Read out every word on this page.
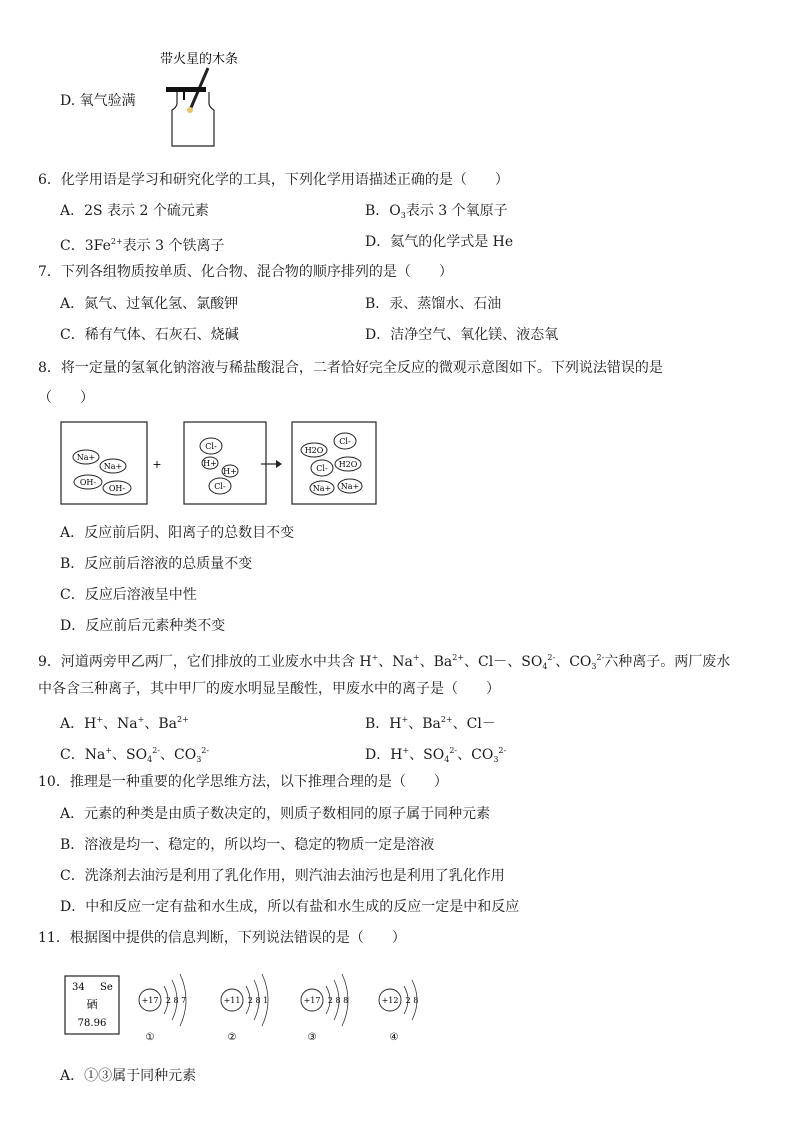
D. 氧气验满
带火星的木条
6．化学用语是学习和研究化学的工具，下列化学用语描述正确的是（　　）
A．2S 表示 2 个硫元素	B．$O_3$表示 3 个氧原子
C．$3Fe^{2+}$表示 3 个铁离子	D．氦气的化学式是 He
7．下列各组物质按单质、化合物、混合物的顺序排列的是（　　）
A．氮气、过氧化氢、氯酸钾	B．汞、蒸馏水、石油
C．稀有气体、石灰石、烧碱	D．洁净空气、氧化镁、液态氧
8．将一定量的氢氧化钠溶液与稀盐酸混合，二者恰好完全反应的微观示意图如下。下列说法错误的是
（　　）
Na+
Na+
OH-
OH-
+
Cl-
H+
H+
Cl-
H2O
Cl-
Cl- H2O
Na+ Na+
A．反应前后阴、阳离子的总数目不变
B．反应前后溶液的总质量不变
C．反应后溶液呈中性
D．反应前后元素种类不变
9．河道两旁甲乙两厂，它们排放的工业废水中共含 H+、Na+、$Ba^{2+}$、Cl－、$SO_4^{2-}$、$CO_3^{2-}$六种离子。两厂废水
中各含三种离子，其中甲厂的废水明显呈酸性，甲废水中的离子是（　　）
A．H+、Na+、$Ba^{2+}$	B．H+、$Ba^{2+}$、Cl－
C．Na+、$SO_4^{2-}$、$CO_3^{2-}$	D．H+、$SO_4^{2-}$、$CO_3^{2-}$
10．推理是一种重要的化学思维方法，以下推理合理的是（　　）
A．元素的种类是由质子数决定的，则质子数相同的原子属于同种元素
B．溶液是均一、稳定的，所以均一、稳定的物质一定是溶液
C．洗涤剂去油污是利用了乳化作用，则汽油去油污也是利用了乳化作用
D．中和反应一定有盐和水生成，所以有盐和水生成的反应一定是中和反应
11．根据图中提供的信息判断，下列说法错误的是（　　）
34 Se
硒
78.96
+17 2 8 7
①
+11 2 8 1
②
+17 2 8 8
③
+12 2 8
④
A．①③属于同种元素
